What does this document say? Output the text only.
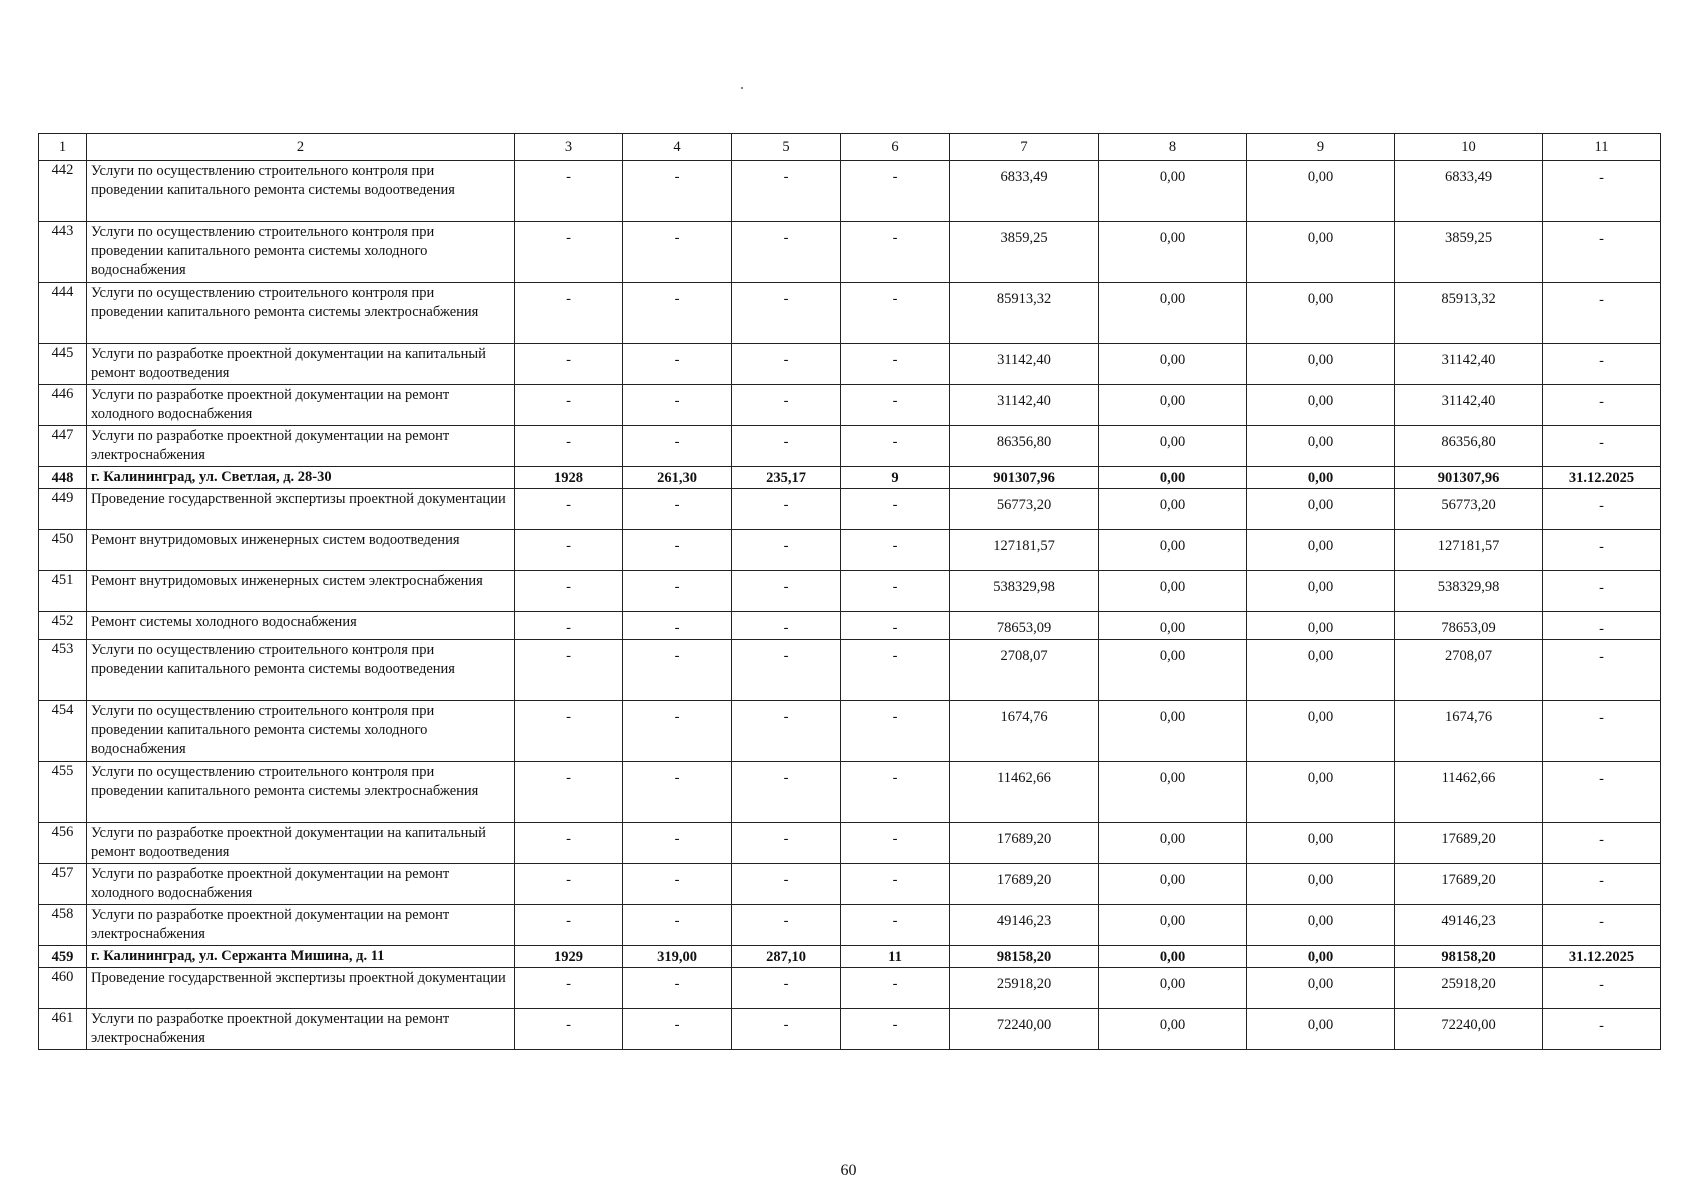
1	2	3	4	5	6	7	8	9	10	11
442	Услуги по осуществлению строительного контроля при проведении капитального ремонта системы водоотведения	-	-	-	-	6833,49	0,00	0,00	6833,49	-
443	Услуги по осуществлению строительного контроля при проведении капитального ремонта системы холодного водоснабжения	-	-	-	-	3859,25	0,00	0,00	3859,25	-
444	Услуги по осуществлению строительного контроля при проведении капитального ремонта системы электроснабжения	-	-	-	-	85913,32	0,00	0,00	85913,32	-
445	Услуги по разработке проектной документации на капитальный ремонт водоотведения	-	-	-	-	31142,40	0,00	0,00	31142,40	-
446	Услуги по разработке проектной документации на ремонт холодного водоснабжения	-	-	-	-	31142,40	0,00	0,00	31142,40	-
447	Услуги по разработке проектной документации на ремонт электроснабжения	-	-	-	-	86356,80	0,00	0,00	86356,80	-
448	г. Калининград, ул. Светлая, д. 28-30	1928	261,30	235,17	9	901307,96	0,00	0,00	901307,96	31.12.2025
449	Проведение государственной экспертизы проектной документации	-	-	-	-	56773,20	0,00	0,00	56773,20	-
450	Ремонт внутридомовых инженерных систем водоотведения	-	-	-	-	127181,57	0,00	0,00	127181,57	-
451	Ремонт внутридомовых инженерных систем электроснабжения	-	-	-	-	538329,98	0,00	0,00	538329,98	-
452	Ремонт системы холодного водоснабжения	-	-	-	-	78653,09	0,00	0,00	78653,09	-
453	Услуги по осуществлению строительного контроля при проведении капитального ремонта системы водоотведения	-	-	-	-	2708,07	0,00	0,00	2708,07	-
454	Услуги по осуществлению строительного контроля при проведении капитального ремонта системы холодного водоснабжения	-	-	-	-	1674,76	0,00	0,00	1674,76	-
455	Услуги по осуществлению строительного контроля при проведении капитального ремонта системы электроснабжения	-	-	-	-	11462,66	0,00	0,00	11462,66	-
456	Услуги по разработке проектной документации на капитальный ремонт водоотведения	-	-	-	-	17689,20	0,00	0,00	17689,20	-
457	Услуги по разработке проектной документации на ремонт холодного водоснабжения	-	-	-	-	17689,20	0,00	0,00	17689,20	-
458	Услуги по разработке проектной документации на ремонт электроснабжения	-	-	-	-	49146,23	0,00	0,00	49146,23	-
459	г. Калининград, ул. Сержанта Мишина, д. 11	1929	319,00	287,10	11	98158,20	0,00	0,00	98158,20	31.12.2025
460	Проведение государственной экспертизы проектной документации	-	-	-	-	25918,20	0,00	0,00	25918,20	-
461	Услуги по разработке проектной документации на ремонт электроснабжения	-	-	-	-	72240,00	0,00	0,00	72240,00	-
60
